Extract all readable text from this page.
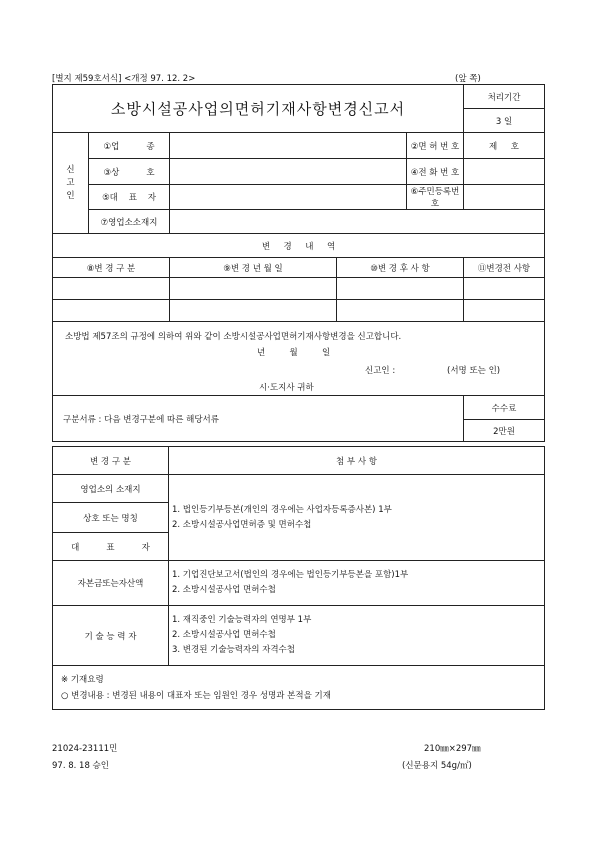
[별지 제59호서식] <개정 97. 12. 2>	(앞 쪽)
소방시설공사업의면허기재사항변경신고서					처리기간
					3 일
신 고 인	①업          종			②면 허 번 호	제     호
	③상          호			④전 화 번 호	
	⑤대    표    자			⑥주민등록번호	
	⑦영업소소재지				
변     경     내     역					
⑧변 경 구 분		⑨변 경 년 월 일	⑩변 경 후 사 항		⑪변경전 사항

소방법 제57조의 규정에 의하여 위와 같이 소방시설공사업면허기재사항변경을 신고합니다.
년         월         일
신고인 : (서명 또는 인)
시·도지사 귀하					

구분서류 : 다음 변경구분에 따른 해당서류					수수료
					2만원
변 경 구 분	첨 부 사 항
영업소의 소재지	1. 법인등기부등본(개인의 경우에는 사업자등록증사본) 1부
2. 소방시설공사업면허증 및 면허수첩

상호 또는 명칭	
대          표          자	
자본금또는자산액	1. 기업진단보고서(법인의 경우에는 법인등기부등본을 포함)1부
2. 소방시설공사업 면허수첩

기 술 능 력 자	1. 재직중인 기술능력자의 연명부 1부
2. 소방시설공사업 면허수첩
3. 변경된 기술능력자의 자격수첩

※ 기재요령
○ 변경내용 : 변경된 내용이 대표자 또는 임원인 경우 성명과 본적을 기재	
21024-23111민	210㎜×297㎜
97. 8. 18 승인	(신문용지 54g/㎡)
